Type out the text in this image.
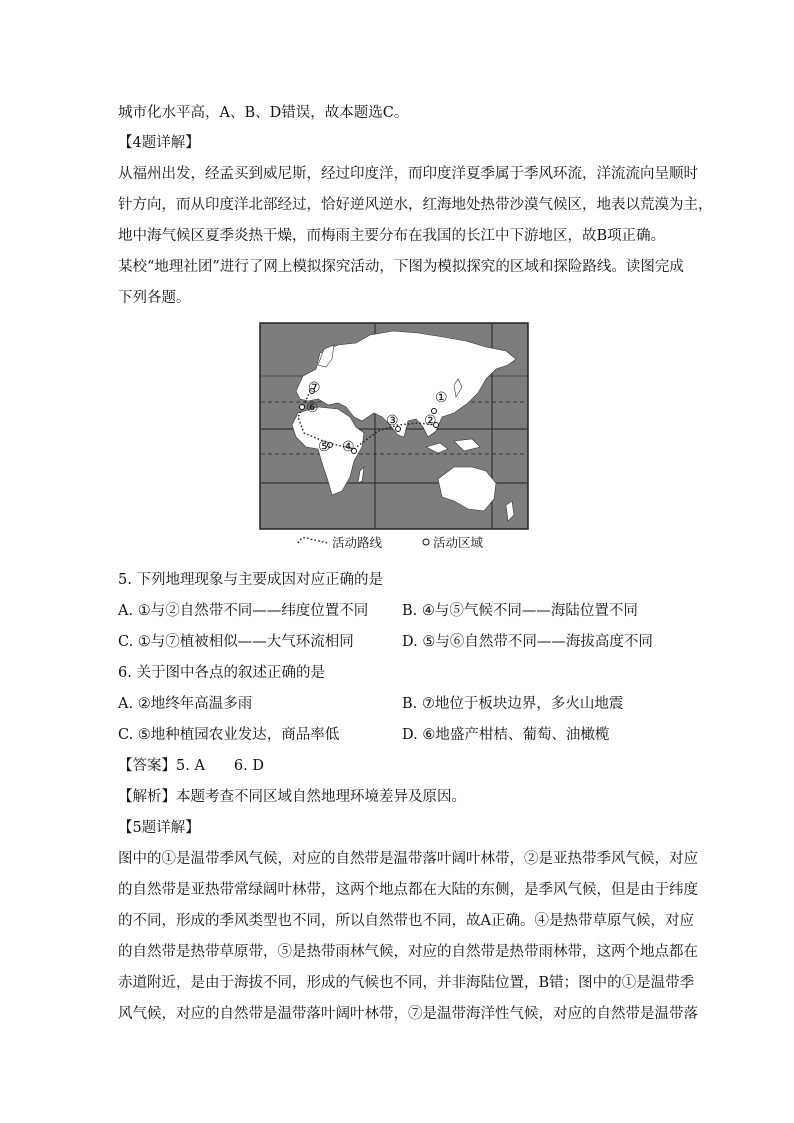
城市化水平高，A、B、D错误，故本题选C。
【4题详解】
从福州出发，经孟买到威尼斯，经过印度洋，而印度洋夏季属于季风环流，洋流流向呈顺时
针方向，而从印度洋北部经过，恰好逆风逆水，红海地处热带沙漠气候区，地表以荒漠为主，
地中海气候区夏季炎热干燥，而梅雨主要分布在我国的长江中下游地区，故B项正确。
某校“地理社团”进行了网上模拟探究活动，下图为模拟探究的区域和探险路线。读图完成
下列各题。
①
②
③
④
⑤
⑥
⑦
活动路线	活动区域
5. 下列地理现象与主要成因对应正确的是
A. ①与②自然带不同——纬度位置不同 B. ④与⑤气候不同——海陆位置不同
C. ①与⑦植被相似——大气环流相同	D. ⑤与⑥自然带不同——海拔高度不同
6. 关于图中各点的叙述正确的是
A. ②地终年高温多雨	B. ⑦地位于板块边界，多火山地震
C. ⑤地种植园农业发达，商品率低	D. ⑥地盛产柑桔、葡萄、油橄榄
【答案】5. A　　6. D
【解析】本题考查不同区域自然地理环境差异及原因。
【5题详解】
图中的①是温带季风气候，对应的自然带是温带落叶阔叶林带，②是亚热带季风气候，对应
的自然带是亚热带常绿阔叶林带，这两个地点都在大陆的东侧，是季风气候，但是由于纬度
的不同，形成的季风类型也不同，所以自然带也不同，故A正确。④是热带草原气候，对应
的自然带是热带草原带，⑤是热带雨林气候，对应的自然带是热带雨林带，这两个地点都在
赤道附近，是由于海拔不同，形成的气候也不同，并非海陆位置，B错；图中的①是温带季
风气候，对应的自然带是温带落叶阔叶林带，⑦是温带海洋性气候，对应的自然带是温带落
